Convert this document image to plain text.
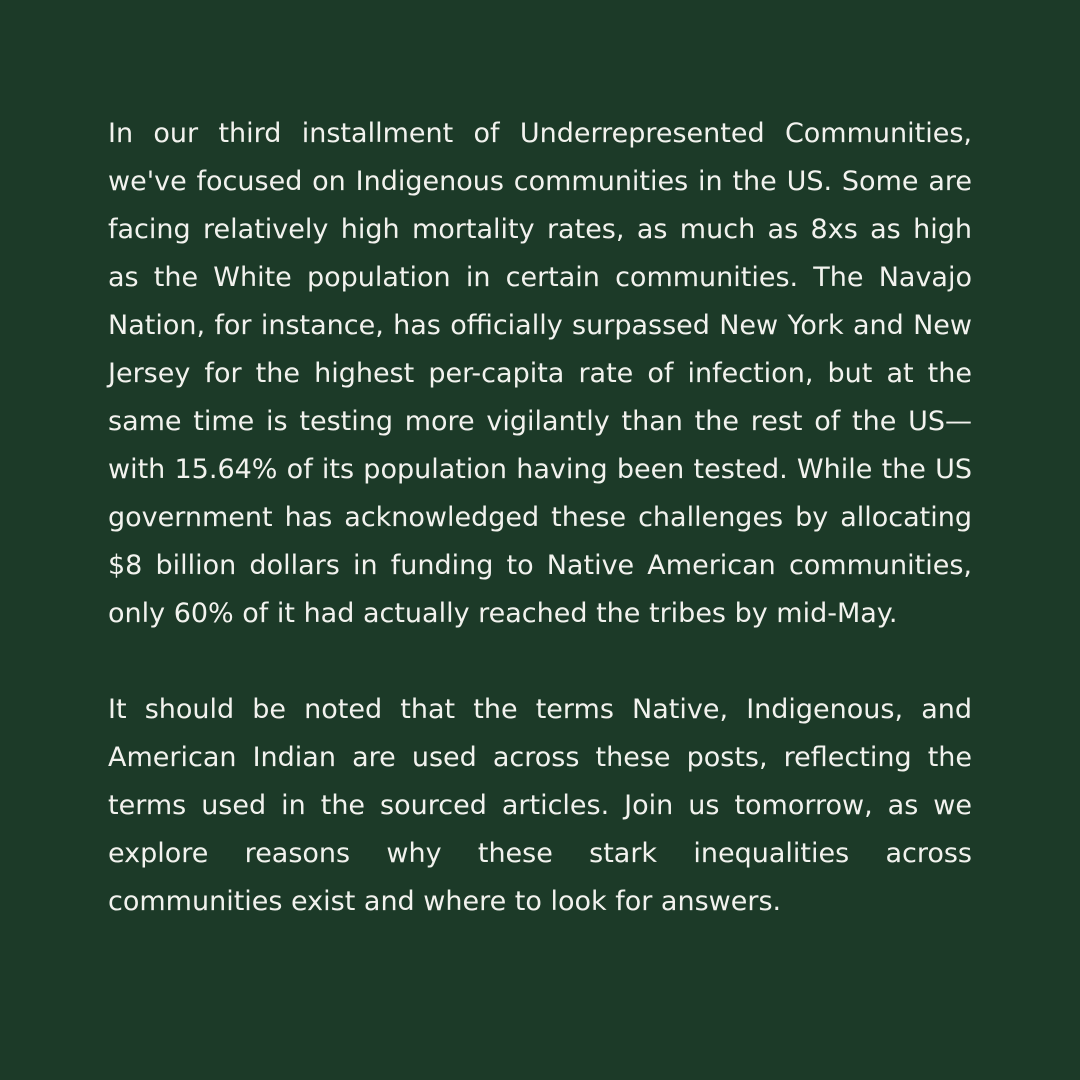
In our third installment of Underrepresented Communities, we've focused on Indigenous communities in the US. Some are facing relatively high mortality rates, as much as 8xs as high as the White population in certain communities. The Navajo Nation, for instance, has officially surpassed New York and New Jersey for the highest per-capita rate of infection, but at the same time is testing more vigilantly than the rest of the US—with 15.64% of its population having been tested. While the US government has acknowledged these challenges by allocating $8 billion dollars in funding to Native American communities, only 60% of it had actually reached the tribes by mid-May.

It should be noted that the terms Native, Indigenous, and American Indian are used across these posts, reflecting the terms used in the sourced articles. Join us tomorrow, as we explore reasons why these stark inequalities across communities exist and where to look for answers.
